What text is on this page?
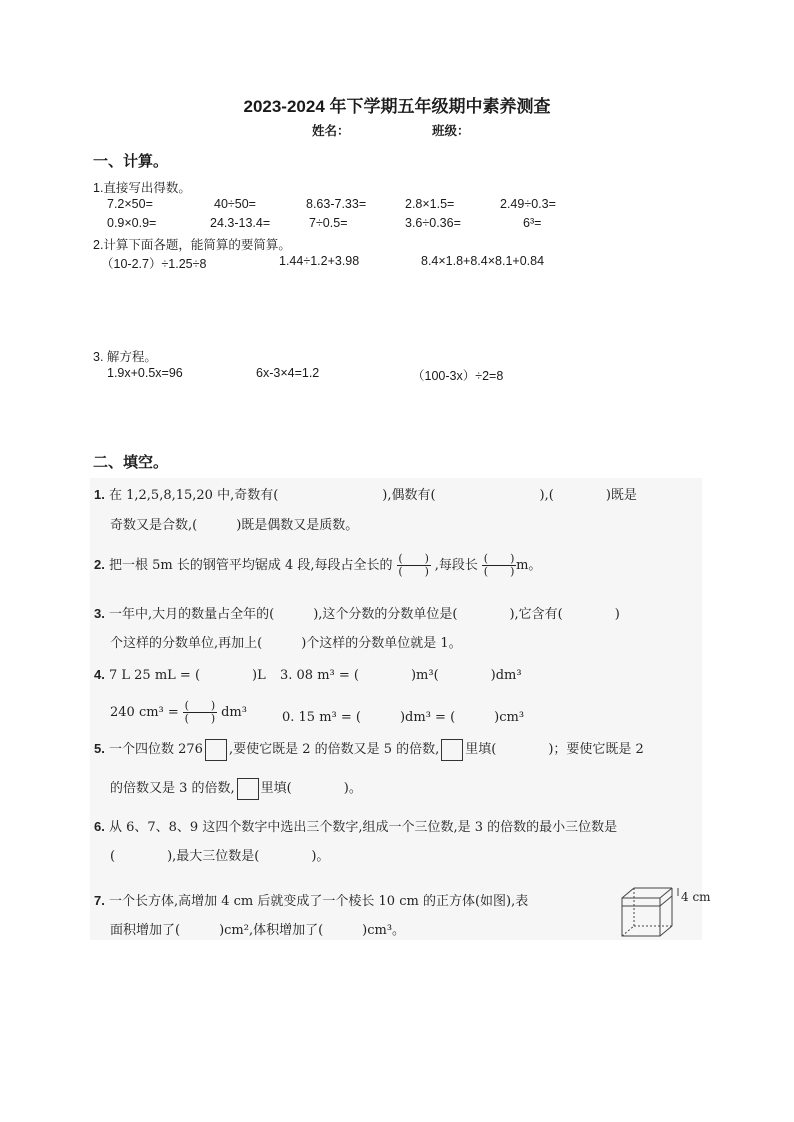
2023-2024 年下学期五年级期中素养测查
姓名：	班级：
一、计算。
1.直接写出得数。
7.2×50=	40÷50=	8.63-7.33=	2.8×1.5=	2.49÷0.3=
0.9×0.9=	24.3-13.4=	7÷0.5=	3.6÷0.36=	6³=
2.计算下面各题，能简算的要简算。
（10-2.7）÷1.25÷8	1.44÷1.2+3.98	8.4×1.8+8.4×8.1+0.84
3. 解方程。
1.9x+0.5x=96	6x-3×4=1.2	（100-3x）÷2=8
二、填空。
1. 在 1,2,5,8,15,20 中,奇数有(　　　　　　　　),偶数有(　　　　　　　　),(　　　　)既是
奇数又是合数,(　　　)既是偶数又是质数。
2. 把一根 5m 长的钢管平均锯成 4 段,每段占全长的 $\frac{( )}{( )}$ ,每段长 $\frac{( )}{( )}$ m。
3. 一年中,大月的数量占全年的(　　　),这个分数的分数单位是(　　　　),它含有(　　　　)
个这样的分数单位,再加上(　　　)个这样的分数单位就是 1。
4. 7 L 25 mL = (　　　　)L 3. 08 m³ = (　　　　)m³(　　　　)dm³
240 $cm^3 = \frac{( )}{( )} dm^3$	0. 15 m³ = (　　　)dm³ = (　　　)cm³
5. 一个四位数 276 ,要使它既是 2 的倍数又是 5 的倍数, 里填(　　　　)；要使它既是 2
的倍数又是 3 的倍数, 里填(　　　　)。
6. 从 6、7、8、9 这四个数字中选出三个数字,组成一个三位数,是 3 的倍数的最小三位数是
(　　　　),最大三位数是(　　　　)。
7. 一个长方体,高增加 4 cm 后就变成了一个棱长 10 cm 的正方体(如图),表
面积增加了(　　　)cm²,体积增加了(　　　)cm³。
4 cm
